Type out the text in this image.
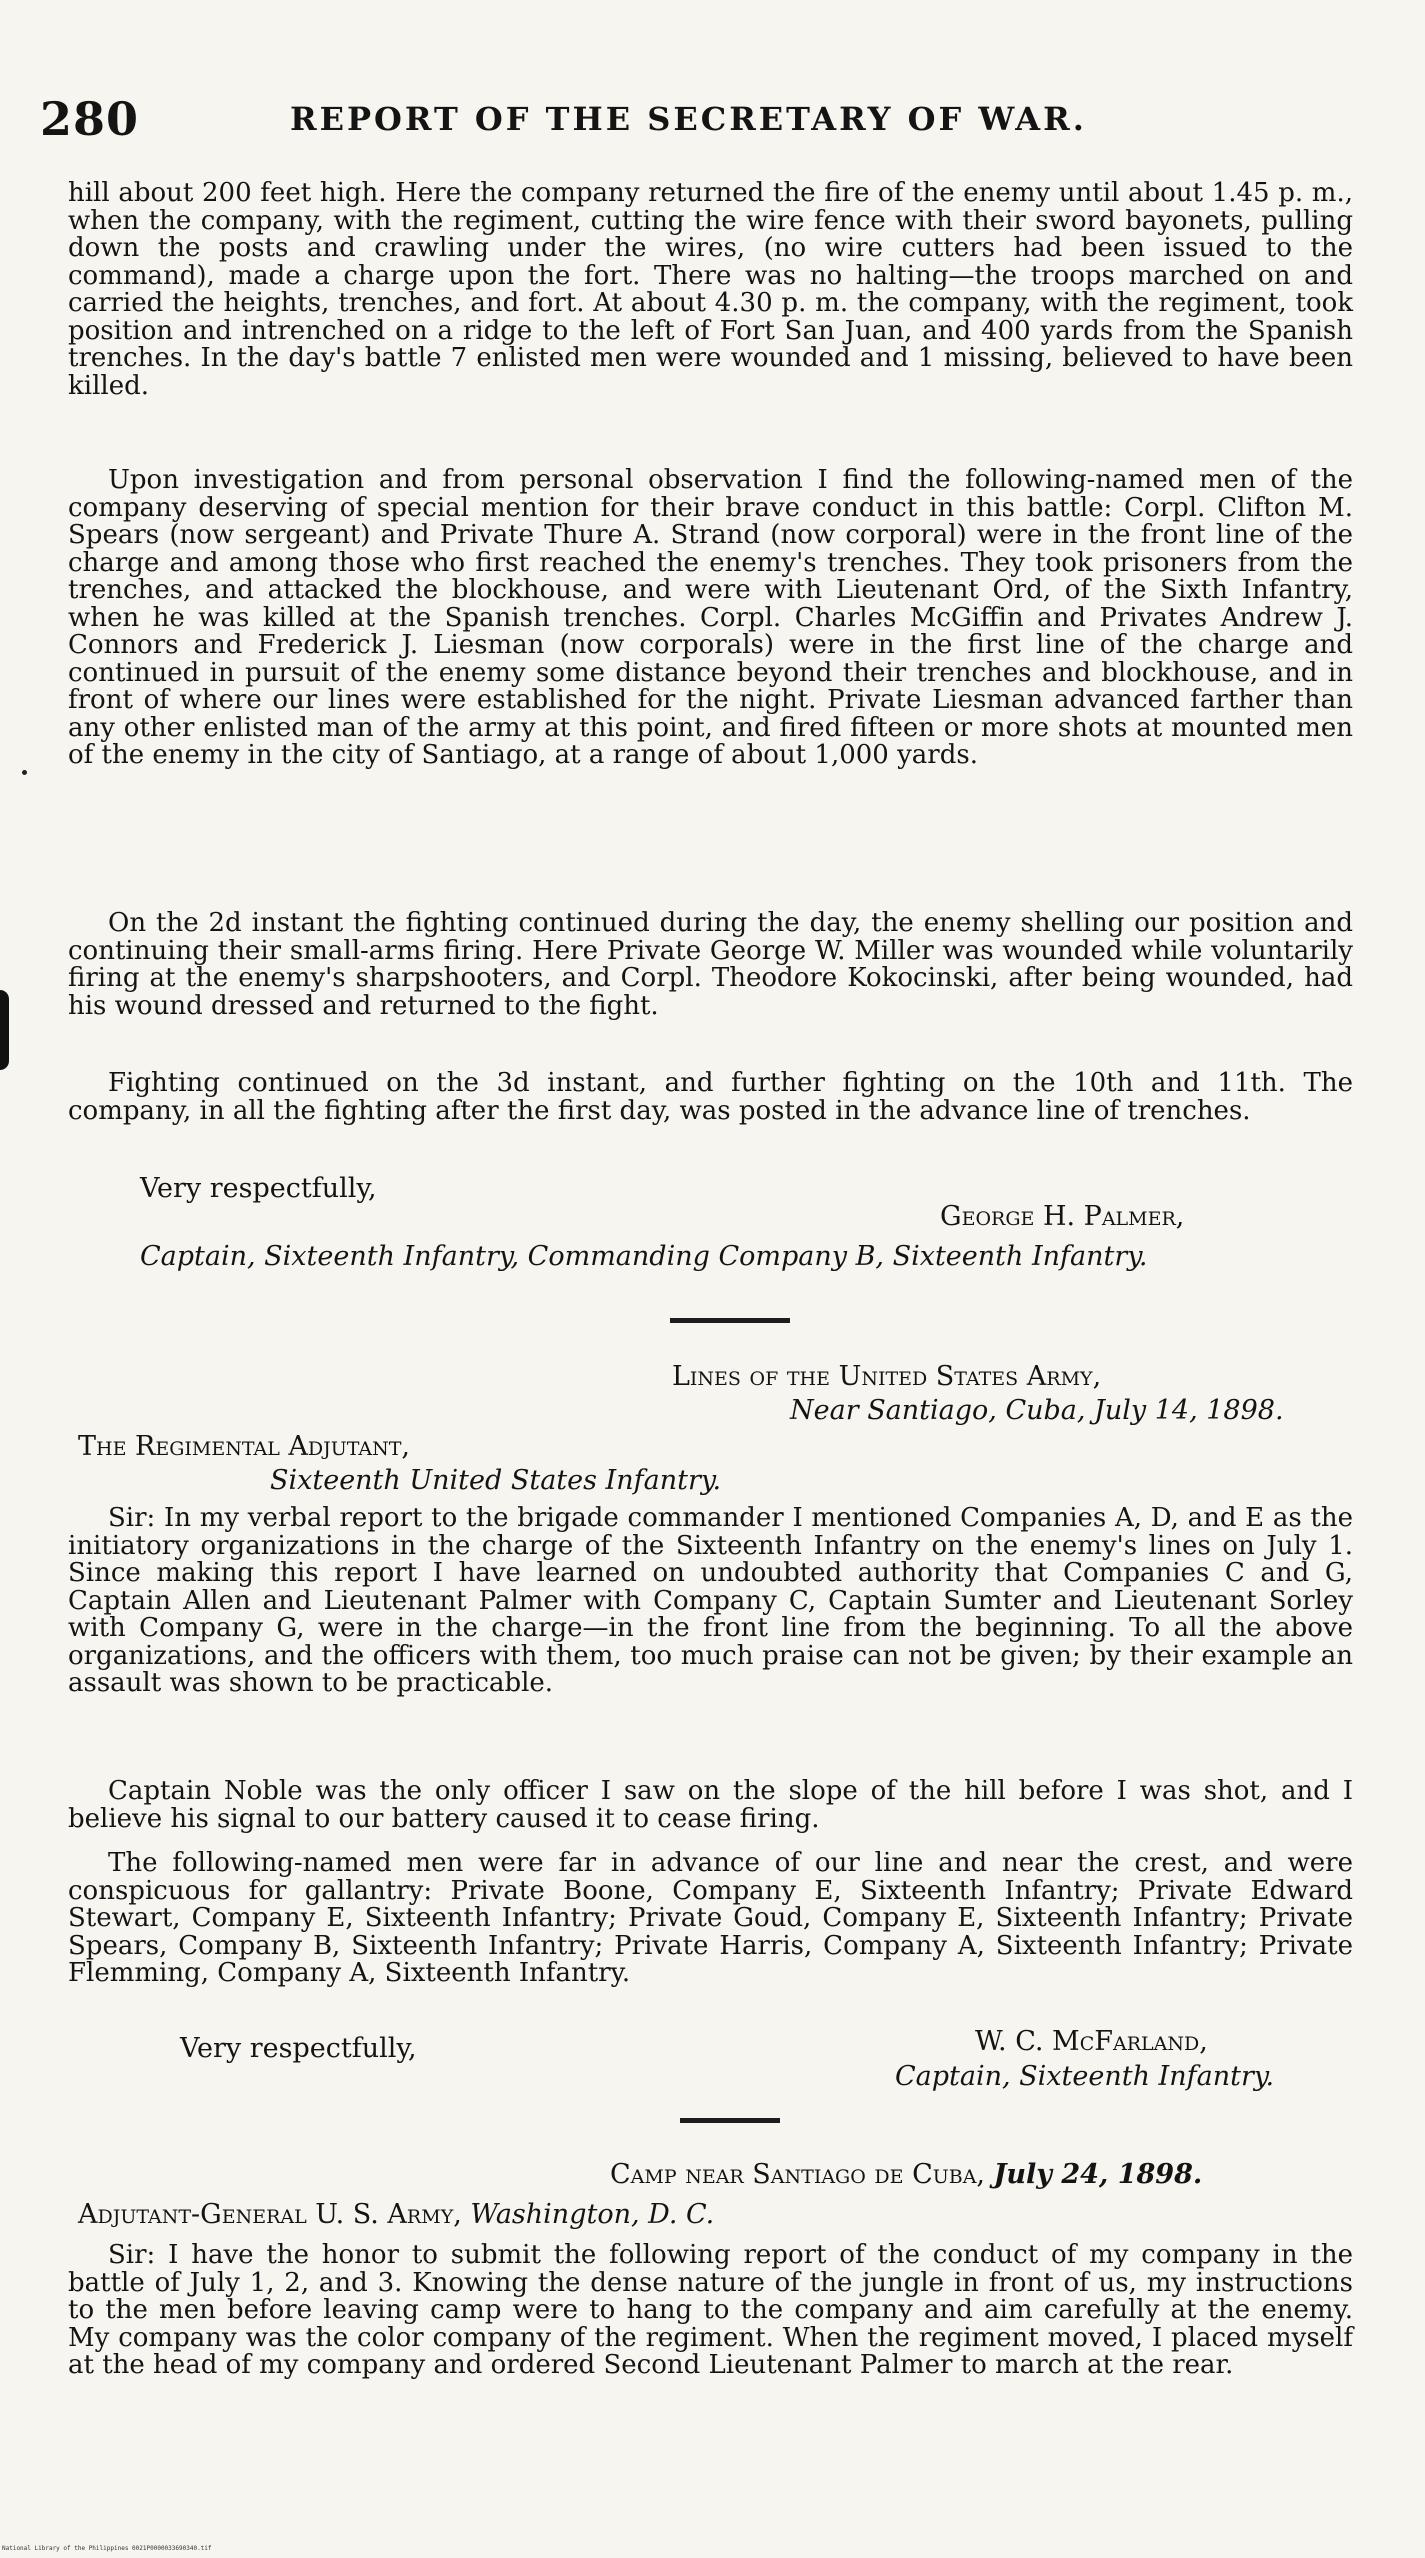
280	REPORT OF THE SECRETARY OF WAR.

hill about 200 feet high. Here the company returned the fire of the enemy until about 1.45 p. m., when the company, with the regiment, cutting the wire fence with their sword bayonets, pulling down the posts and crawling under the wires, (no wire cutters had been issued to the command), made a charge upon the fort. There was no halting—the troops marched on and carried the heights, trenches, and fort. At about 4.30 p. m. the company, with the regiment, took position and intrenched on a ridge to the left of Fort San Juan, and 400 yards from the Spanish trenches. In the day's battle 7 enlisted men were wounded and 1 missing, believed to have been killed.

Upon investigation and from personal observation I find the following-named men of the company deserving of special mention for their brave conduct in this battle: Corpl. Clifton M. Spears (now sergeant) and Private Thure A. Strand (now corporal) were in the front line of the charge and among those who first reached the enemy's trenches. They took prisoners from the trenches, and attacked the blockhouse, and were with Lieutenant Ord, of the Sixth Infantry, when he was killed at the Spanish trenches. Corpl. Charles McGiffin and Privates Andrew J. Connors and Frederick J. Liesman (now corporals) were in the first line of the charge and continued in pursuit of the enemy some distance beyond their trenches and blockhouse, and in front of where our lines were established for the night. Private Liesman advanced farther than any other enlisted man of the army at this point, and fired fifteen or more shots at mounted men of the enemy in the city of Santiago, at a range of about 1,000 yards.

On the 2d instant the fighting continued during the day, the enemy shelling our position and continuing their small-arms firing. Here Private George W. Miller was wounded while voluntarily firing at the enemy's sharpshooters, and Corpl. Theodore Kokocinski, after being wounded, had his wound dressed and returned to the fight.

Fighting continued on the 3d instant, and further fighting on the 10th and 11th. The company, in all the fighting after the first day, was posted in the advance line of trenches.

Very respectfully,
George H. Palmer,
Captain, Sixteenth Infantry, Commanding Company B, Sixteenth Infantry.
Lines of the United States Army,
Near Santiago, Cuba, July 14, 1898.
The Regimental Adjutant,
Sixteenth United States Infantry.

Sir: In my verbal report to the brigade commander I mentioned Companies A, D, and E as the initiatory organizations in the charge of the Sixteenth Infantry on the enemy's lines on July 1. Since making this report I have learned on undoubted authority that Companies C and G, Captain Allen and Lieutenant Palmer with Company C, Captain Sumter and Lieutenant Sorley with Company G, were in the charge—in the front line from the beginning. To all the above organizations, and the officers with them, too much praise can not be given; by their example an assault was shown to be practicable.

Captain Noble was the only officer I saw on the slope of the hill before I was shot, and I believe his signal to our battery caused it to cease firing.

The following-named men were far in advance of our line and near the crest, and were conspicuous for gallantry: Private Boone, Company E, Sixteenth Infantry; Private Edward Stewart, Company E, Sixteenth Infantry; Private Goud, Company E, Sixteenth Infantry; Private Spears, Company B, Sixteenth Infantry; Private Harris, Company A, Sixteenth Infantry; Private Flemming, Company A, Sixteenth Infantry.

Very respectfully,	W. C. McFarland,
Captain, Sixteenth Infantry.
Camp near Santiago de Cuba, July 24, 1898.
Adjutant-General U. S. Army, Washington, D. C.

Sir: I have the honor to submit the following report of the conduct of my company in the battle of July 1, 2, and 3. Knowing the dense nature of the jungle in front of us, my instructions to the men before leaving camp were to hang to the company and aim carefully at the enemy. My company was the color company of the regiment. When the regiment moved, I placed myself at the head of my company and ordered Second Lieutenant Palmer to march at the rear.

National Library of the Philippines 0021P0000033690340.tif
